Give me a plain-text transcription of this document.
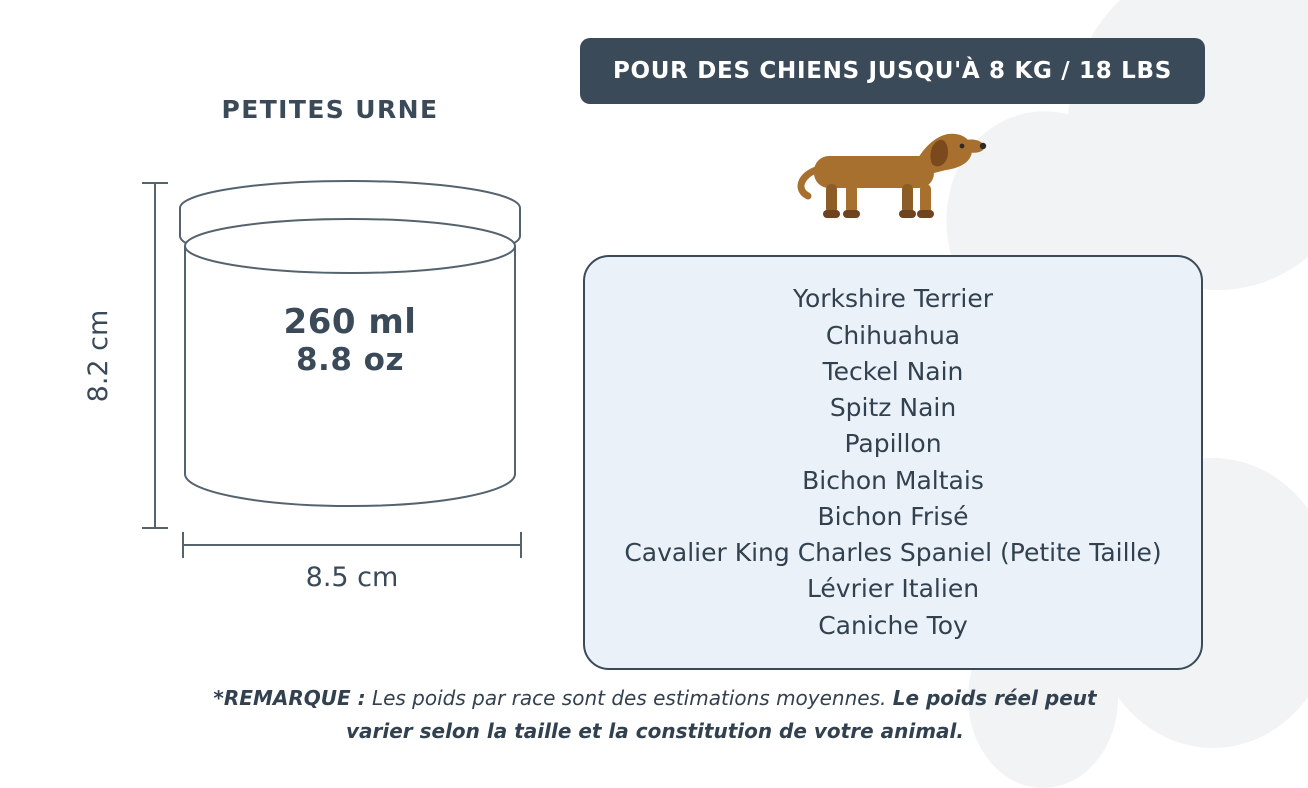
PETITES URNE
8.2 cm	260 ml
8.8 oz
8.5 cm
POUR DES CHIENS JUSQU'À 8 KG / 18 LBS
Yorkshire Terrier
Chihuahua
Teckel Nain
Spitz Nain
Papillon
Bichon Maltais
Bichon Frisé
Cavalier King Charles Spaniel (Petite Taille)
Lévrier Italien
Caniche Toy
*REMARQUE : Les poids par race sont des estimations moyennes. Le poids réel peut
varier selon la taille et la constitution de votre animal.
